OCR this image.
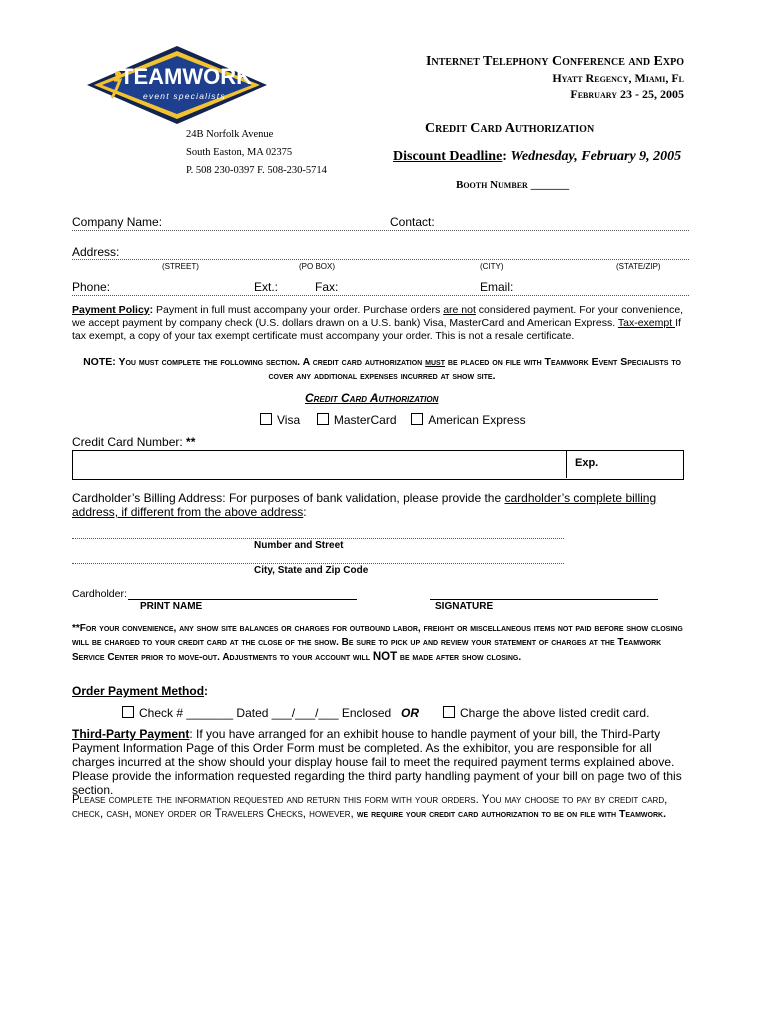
TEAMWORK
event specialists
Internet Telephony Conference and Expo
Hyatt Regency, Miami, Fl
February 23 - 25, 2005
24B Norfolk Avenue
South Easton, MA 02375
P. 508 230-0397 F. 508-230-5714
Credit Card Authorization
Discount Deadline: Wednesday, February 9, 2005
Booth Number _______
Company Name:	Contact:
Address:
(STREET)	(PO BOX)	(CITY)	(STATE/ZIP)
Phone:	Ext.:	Fax:	Email:
Payment Policy: Payment in full must accompany your order. Purchase orders are not considered payment. For your convenience, we accept payment by company check (U.S. dollars drawn on a U.S. bank) Visa, MasterCard and American Express. Tax-exempt If tax exempt, a copy of your tax exempt certificate must accompany your order. This is not a resale certificate.
NOTE: You must complete the following section. A credit card authorization must be placed on file with Teamwork Event Specialists to cover any additional expenses incurred at show site.
Credit Card Authorization
Visa	MasterCard	American Express
Credit Card Number: **
Exp.
Cardholder’s Billing Address: For purposes of bank validation, please provide the cardholder’s complete billing address, if different from the above address:
Number and Street
City, State and Zip Code
Cardholder:
PRINT NAME	SIGNATURE
**For your convenience, any show site balances or charges for outbound labor, freight or miscellaneous items not paid before show closing will be charged to your credit card at the close of the show. Be sure to pick up and review your statement of charges at the Teamwork Service Center prior to move-out. Adjustments to your account will NOT be made after show closing.
Order Payment Method:
Check # _______ Dated ___/___/___ Enclosed OR	Charge the above listed credit card.
Third-Party Payment: If you have arranged for an exhibit house to handle payment of your bill, the Third-Party Payment Information Page of this Order Form must be completed. As the exhibitor, you are responsible for all charges incurred at the show should your display house fail to meet the required payment terms explained above. Please provide the information requested regarding the third party handling payment of your bill on page two of this section.
Please complete the information requested and return this form with your orders. You may choose to pay by credit card, check, cash, money order or Travelers Checks, however, we require your credit card authorization to be on file with Teamwork.
